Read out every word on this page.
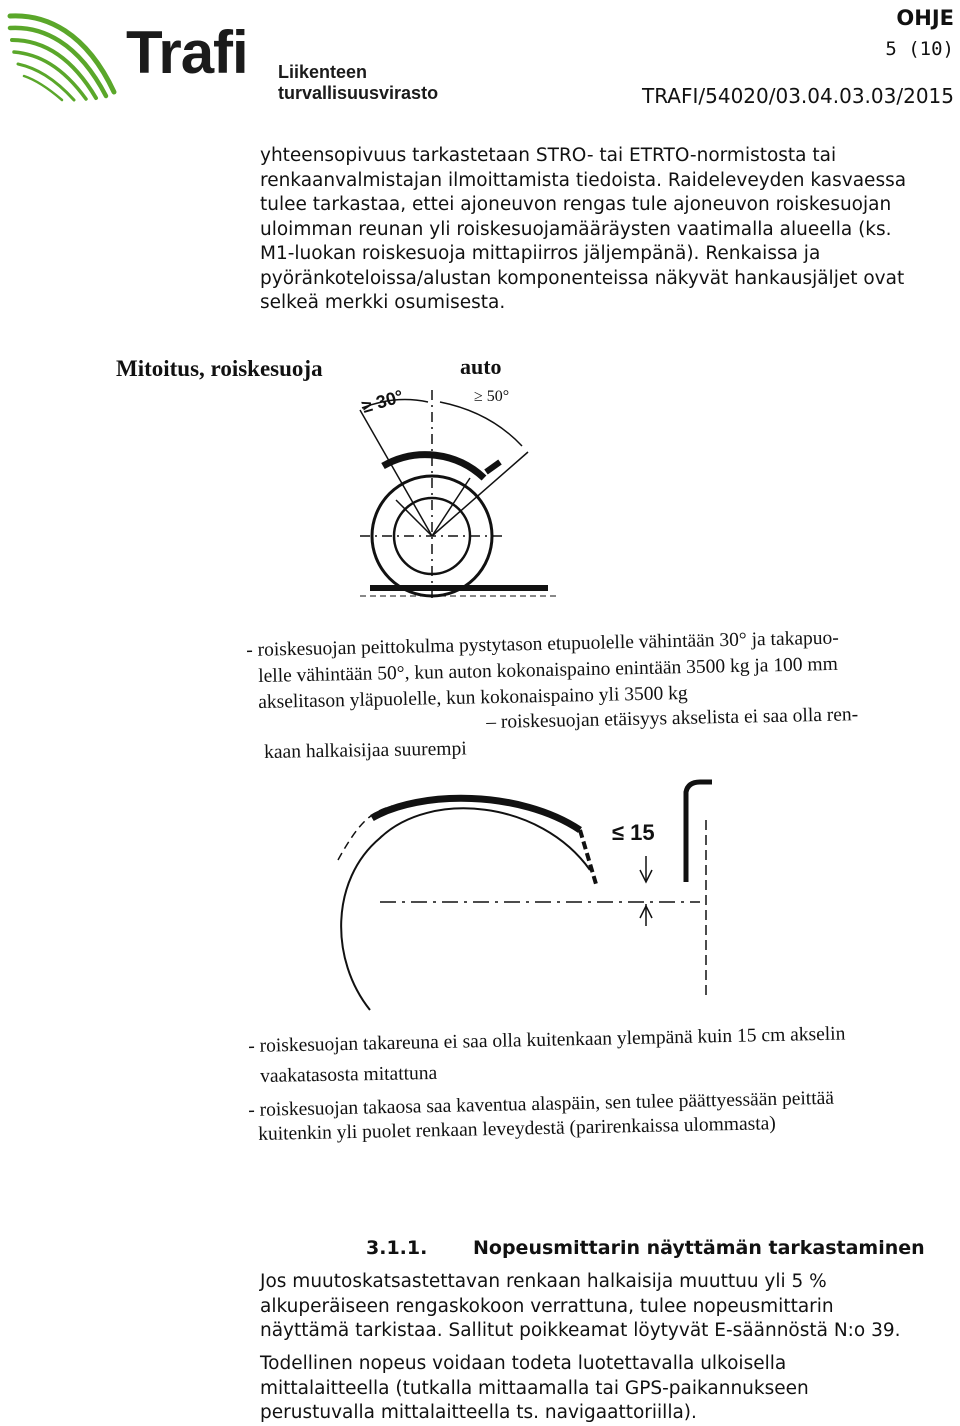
Trafi Liikenteen turvallisuusvirasto
OHJE
5 (10)
TRAFI/54020/03.04.03.03/2015

yhteensopivuus tarkastetaan STRO- tai ETRTO-normistosta tai
renkaanvalmistajan ilmoittamista tiedoista. Raideleveyden kasvaessa
tulee tarkastaa, ettei ajoneuvon rengas tule ajoneuvon roiskesuojan
uloimman reunan yli roiskesuojamääräysten vaatimalla alueella (ks.
M1-luokan roiskesuoja mittapiirros jäljempänä). Renkaissa ja
pyöränkoteloissa/alustan komponenteissa näkyvät hankausjäljet ovat
selkeä merkki osumisesta.

≥ 30°
Mitoitus, roiskesuoja	auto
≥ 50°
≤ 15
- roiskesuojan peittokulma pystytason etupuolelle vähintään 30° ja takapuo-
lelle vähintään 50°, kun auton kokonaispaino enintään 3500 kg ja 100 mm
akselitason yläpuolelle, kun kokonaispaino yli 3500 kg
– roiskesuojan etäisyys akselista ei saa olla ren-
kaan halkaisijaa suurempi
- roiskesuojan takareuna ei saa olla kuitenkaan ylempänä kuin 15 cm akselin
vaakatasosta mitattuna
- roiskesuojan takaosa saa kaventua alaspäin, sen tulee päättyessään peittää
kuitenkin yli puolet renkaan leveydestä (parirenkaissa ulommasta)
3.1.1. Nopeusmittarin näyttämän tarkastaminen

Jos muutoskatsastettavan renkaan halkaisija muuttuu yli 5 %
alkuperäiseen rengaskokoon verrattuna, tulee nopeusmittarin
näyttämä tarkistaa. Sallitut poikkeamat löytyvät E-säännöstä N:o 39.

Todellinen nopeus voidaan todeta luotettavalla ulkoisella
mittalaitteella (tutkalla mittaamalla tai GPS-paikannukseen
perustuvalla mittalaitteella ts. navigaattoriilla).
